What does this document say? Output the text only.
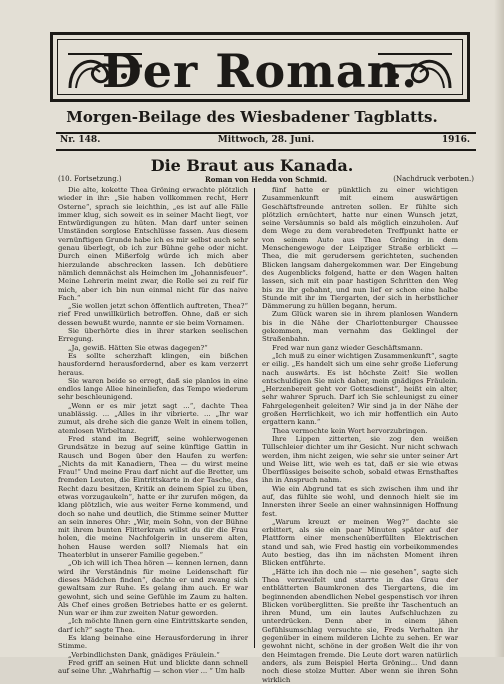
Der Roman.
Morgen-Beilage des Wiesbadener Tagblatts.
Nr. 148.	Mittwoch, 28. Juni.	1916.
Die Braut aus Kanada.
(10. Fortsetzung.)	Roman von Hedda von Schmid.	(Nachdruck verboten.)

Die alte, kokette Thea Gröning erwachte plötzlich wieder in ihr: „Sie haben vollkommen recht, Herr Osterne“, sprach sie leichthin, „es ist auf alle Fälle immer klug, sich soweit es in seiner Macht liegt, vor Entwürdigungen zu hüten. Man darf unter seinen Umständen sorglose Entschlüsse fassen. Aus diesem vernünftigen Grunde habe ich es mir selbst auch sehr genau überlegt, ob ich zur Bühne gehe oder nicht. Durch einen Mißerfolg würde ich mich aber hierzulande abschrecken lassen. Ich debütiere nämlich demnächst als Heimchen im „Johannisfeuer“. Meine Lehrerin meint zwar, die Rolle sei zu reif für mich, aber ich bin nun einmal nicht für das naive Fach.“

„Sie wollen jetzt schon öffentlich auftreten, Thea?“ rief Fred unwillkürlich betroffen. Ohne, daß er sich dessen bewußt wurde, nannte er sie beim Vornamen.

Sie überhörte dies in ihrer starken seelischen Erregung.

„Ja, gewiß. Hätten Sie etwas dagegen?“

Es sollte scherzhaft klingen, ein bißchen hausfordernd herausfordernd, aber es kam verzerrt heraus.

Sie waren beide so erregt, daß sie planlos in eine endlos lange Allee hineinliefen, das Tempo wiederum sehr beschleunigend.

„Wenn er es mir jetzt sagt ...“, dachte Thea unablässig. ... „Alles in ihr vibrierte. ... „Ihr war zumut, als drehe sich die ganze Welt in einem tollen, atemlosen Wirbeltanz.

Fred stand im Begriff, seine wohlerwogenen Grundsätze in bezug auf seine künftige Gattin in Rausch und Bogen über den Haufen zu werfen: „Nichts da mit Kanadiern, Thea — du wirst meine Frau!“ Und meine Frau darf nicht auf die Bretter, um fremden Leuten, die Eintrittskarte in der Tasche, das Recht dazu besitzen, Kritik an deinem Spiel zu üben, etwas vorzugaukeln“, hatte er ihr zurufen mögen, da klang plötzlich, wie aus weiter Ferne kommend, und doch so nahe und deutlich, die Stimme seiner Mutter an sein inneres Ohr: „Wir, mein Sohn, von der Bühne mit ihrem bunten Flitterkram willst du dir die Frau holen, die meine Nachfolgerin in unserem alten, hohen Hause werden soll? Niemals hat ein Theaterblut in unserer Familie gegeben.“

„Ob ich will ich Thea hören — kennen lernen, dann wird ihr Verständnis für meine Leidenschaft für dieses Mädchen finden“, dachte er und zwang sich gewaltsam zur Ruhe. Es gelang ihm auch. Er war gewohnt, sich und seine Gefühle im Zaum zu halten. Als Chef eines großen Betriebes hatte er es gelernt. Nun war er ihm zur zweiten Natur geworden.

„Ich möchte Ihnen gern eine Eintrittskarte senden, darf ich?“ sagte Thea.

Es klang beinahe eine Herausforderung in ihrer Stimme.

„Verbindlichsten Dank, gnädiges Fräulein.“

Fred griff an seinen Hut und blickte dann schnell auf seine Uhr. „Wahrhaftig — schon vier ... “ Um halb

fünf hatte er pünktlich zu einer wichtigen Zusammenkunft mit einem auswärtigen Geschäftsfreunde antreten sollen. Er fühlte sich plötzlich ernüchtert, hatte nur einen Wunsch jetzt, seine Versäumnis so bald als möglich einzuholen. Auf dem Wege zu dem verabredeten Treffpunkt hatte er von seinem Auto aus Thea Gröning in dem Menschengewoge der Leipziger Straße erblickt — Thea, die mit gerudersem gerichteten, suchenden Blicken langsam dahergekommen war. Der Eingebung des Augenblicks folgend, hatte er den Wagen halten lassen, sich mit ein paar hastigen Schritten den Weg bis zu ihr gebahnt, und nun lief er schon eine halbe Stunde mit ihr im Tiergarten, der sich in herbstlicher Dämmerung zu hüllen begann, herum.

Zum Glück waren sie in ihrem planlosen Wandern bis in die Nähe der Charlottenburger Chaussee gekommen, man vernahm das Geklingel der Straßenbahn.

Fred war nun ganz wieder Geschäftsmann.

„Ich muß zu einer wichtigen Zusammenkunft“, sagte er eilig. „Es handelt sich um eine sehr große Lieferung nach auswärts. Es ist höchste Zeit! Sie wollen entschuldigen Sie mich daher, mein gnädiges Fräulein. „Herzenbereit geht vor Gottesdienst“, heißt ein alter, sehr wahrer Spruch. Darf ich Sie schleunigst zu einer Fahrgelegenheit geleiten? Wir sind ja in der Nähe der großen Herrlichkeit, wo ich mir hoffentlich ein Auto ergattern kann.“

Thea vermochte kein Wort hervorzubringen.

Ihre Lippen zitterten, sie zog den weißen Tüllschleier dichter um ihr Gesicht. Nur nicht schwach werden, ihm nicht zeigen, wie sehr sie unter seiner Art und Weise litt, wie weh es tat, daß er sie wie etwas Überflüssiges beiseite schob, sobald etwas Ernsthaftes ihn in Anspruch nahm.

Wie ein Abgrund tat es sich zwischen ihm und ihr auf, das fühlte sie wohl, und dennoch hielt sie im Innersten ihrer Seele an einer wahnsinnigen Hoffnung fest.

„Warum kreuzt er meinen Weg?“ dachte sie erbittert, als sie ein paar Minuten später auf der Plattform einer menschenüberfüllten Elektrischen stand und sah, wie Fred hastig ein vorbeikommendes Auto bestieg, das ihn im nächsten Moment ihren Blicken entführte.

„Hätte ich ihn doch nie — nie gesehen“, sagte sich Thea verzweifelt und starrte in das Grau der entblätterten Baumkronen des Tiergartens, die im beginnenden abendlichen Nebel gespenstisch vor ihren Blicken vorüberglitten. Sie preßte ihr Taschentuch an ihren Mund, um ein lautes Aufschluchzen zu unterdrücken. Denn aber in einem jähen Gefühlsumschlag versuchte sie, Freds Verhalten ihr gegenüber in einem milderen Lichte zu sehen. Er war gewohnt nicht, schöne in der großen Welt die ihr von den Heimtagen fremde. Die Leute dort waren natürlich anders, als zum Beispiel Herta Gröning... Und dann noch diese stolze Mutter. Aber wenn sie ihren Sohn wirklich
